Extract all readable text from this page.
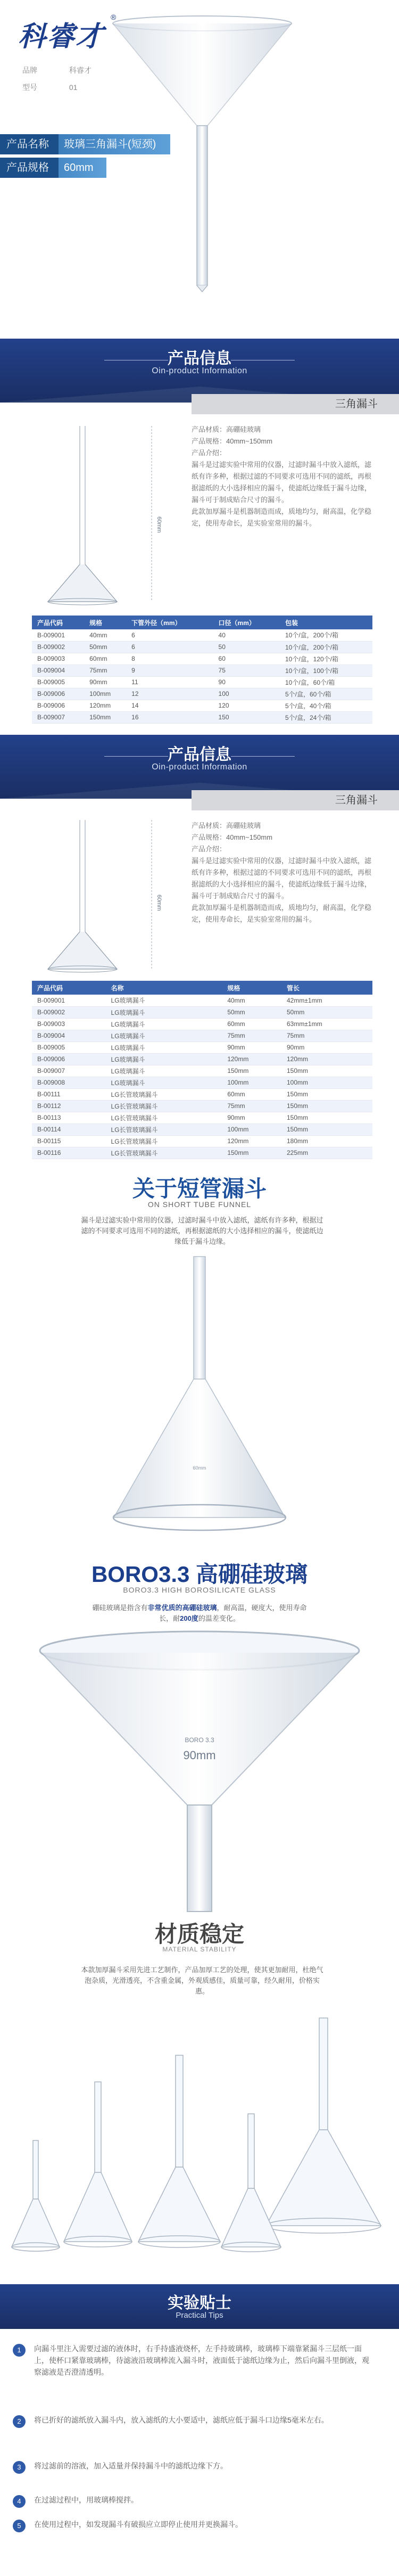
科睿才
®
品牌	科睿才
型号	01
产品名称 玻璃三角漏斗(短颈)
产品规格 60mm
产品信息
Oin-product Information
三角漏斗
60mm

产品材质：高硼硅玻璃

产品规格：40mm~150mm

产品介绍：

漏斗是过滤实验中常用的仪器，过滤时漏斗中放入滤纸，滤纸有许多种，根据过滤的不同要求可选用不同的滤纸，再根据滤纸的大小选择相应的漏斗，使滤纸边缘低于漏斗边缘，漏斗可于制成贴合尺寸的漏斗。

此款加厚漏斗是机器制造而成，质地均匀，耐高温，化学稳定，使用寿命长，是实验室常用的漏斗。

产品代码	规格	下管外径（mm）	口径（mm）	包装
B-009001	40mm	6	40	10个/盒，200个/箱
B-009002	50mm	6	50	10个/盒，200个/箱
B-009003	60mm	8	60	10个/盒，120个/箱
B-009004	75mm	9	75	10个/盒，100个/箱
B-009005	90mm	11	90	10个/盒，60个/箱
B-009006	100mm	12	100	5个/盒，60个/箱
B-009006	120mm	14	120	5个/盒，40个/箱
B-009007	150mm	16	150	5个/盒，24个/箱
产品信息
Oin-product Information
三角漏斗
60mm

产品材质：高硼硅玻璃

产品规格：40mm~150mm

产品介绍：

漏斗是过滤实验中常用的仪器，过滤时漏斗中放入滤纸，滤纸有许多种，根据过滤的不同要求可选用不同的滤纸，再根据滤纸的大小选择相应的漏斗，使滤纸边缘低于漏斗边缘，漏斗可于制成贴合尺寸的漏斗。

此款加厚漏斗是机器制造而成，质地均匀，耐高温，化学稳定，使用寿命长，是实验室常用的漏斗。

产品代码	名称	规格	管长
B-009001	LG玻璃漏斗	40mm	42mm±1mm
B-009002	LG玻璃漏斗	50mm	50mm
B-009003	LG玻璃漏斗	60mm	63mm±1mm
B-009004	LG玻璃漏斗	75mm	75mm
B-009005	LG玻璃漏斗	90mm	90mm
B-009006	LG玻璃漏斗	120mm	120mm
B-009007	LG玻璃漏斗	150mm	150mm
B-009008	LG玻璃漏斗	100mm	100mm
B-00111	LG长管玻璃漏斗	60mm	150mm
B-00112	LG长管玻璃漏斗	75mm	150mm
B-00113	LG长管玻璃漏斗	90mm	150mm
B-00114	LG长管玻璃漏斗	100mm	150mm
B-00115	LG长管玻璃漏斗	120mm	180mm
B-00116	LG长管玻璃漏斗	150mm	225mm
关于短管漏斗
ON SHORT TUBE FUNNEL
漏斗是过滤实验中常用的仪器，过滤时漏斗中放入滤纸，滤纸有许多种，根据过滤的不同要求可选用不同的滤纸，再根据滤纸的大小选择相应的漏斗，使滤纸边缘低于漏斗边缘。
60mm
BORO3.3 高硼硅玻璃
BORO3.3 HIGH BOROSILICATE GLASS
硼硅玻璃是指含有非常优质的高硼硅玻璃，耐高温，硬度大，使用寿命长，耐200度的温差变化。
BORO 3.3
90mm
材质稳定
MATERIAL STABILITY
本款加厚漏斗采用先进工艺制作，产品加厚工艺的处理，使其更加耐用，杜绝气泡杂质，光滑透亮，不含重金属，外观质感佳，质量可靠，经久耐用，价格实惠。
实验贴士
Practical Tips
1	向漏斗里注入需要过滤的液体时，右手持盛液烧杯，左手持玻璃棒，玻璃棒下端靠紧漏斗三层纸一面上，使杯口紧靠玻璃棒，待滤液沿玻璃棒流入漏斗时，液面低于滤纸边缘为止，然后向漏斗里倒液，观察滤液是否澄清透明。
2	将已折好的滤纸放入漏斗内，放入滤纸的大小要适中，滤纸应低于漏斗口边缘5毫米左右。
3	将过滤前的溶液，加入适量并保持漏斗中的滤纸边缘下方。
4	在过滤过程中，用玻璃棒搅拌。
5	在使用过程中，如发现漏斗有破损应立即停止使用并更换漏斗。
